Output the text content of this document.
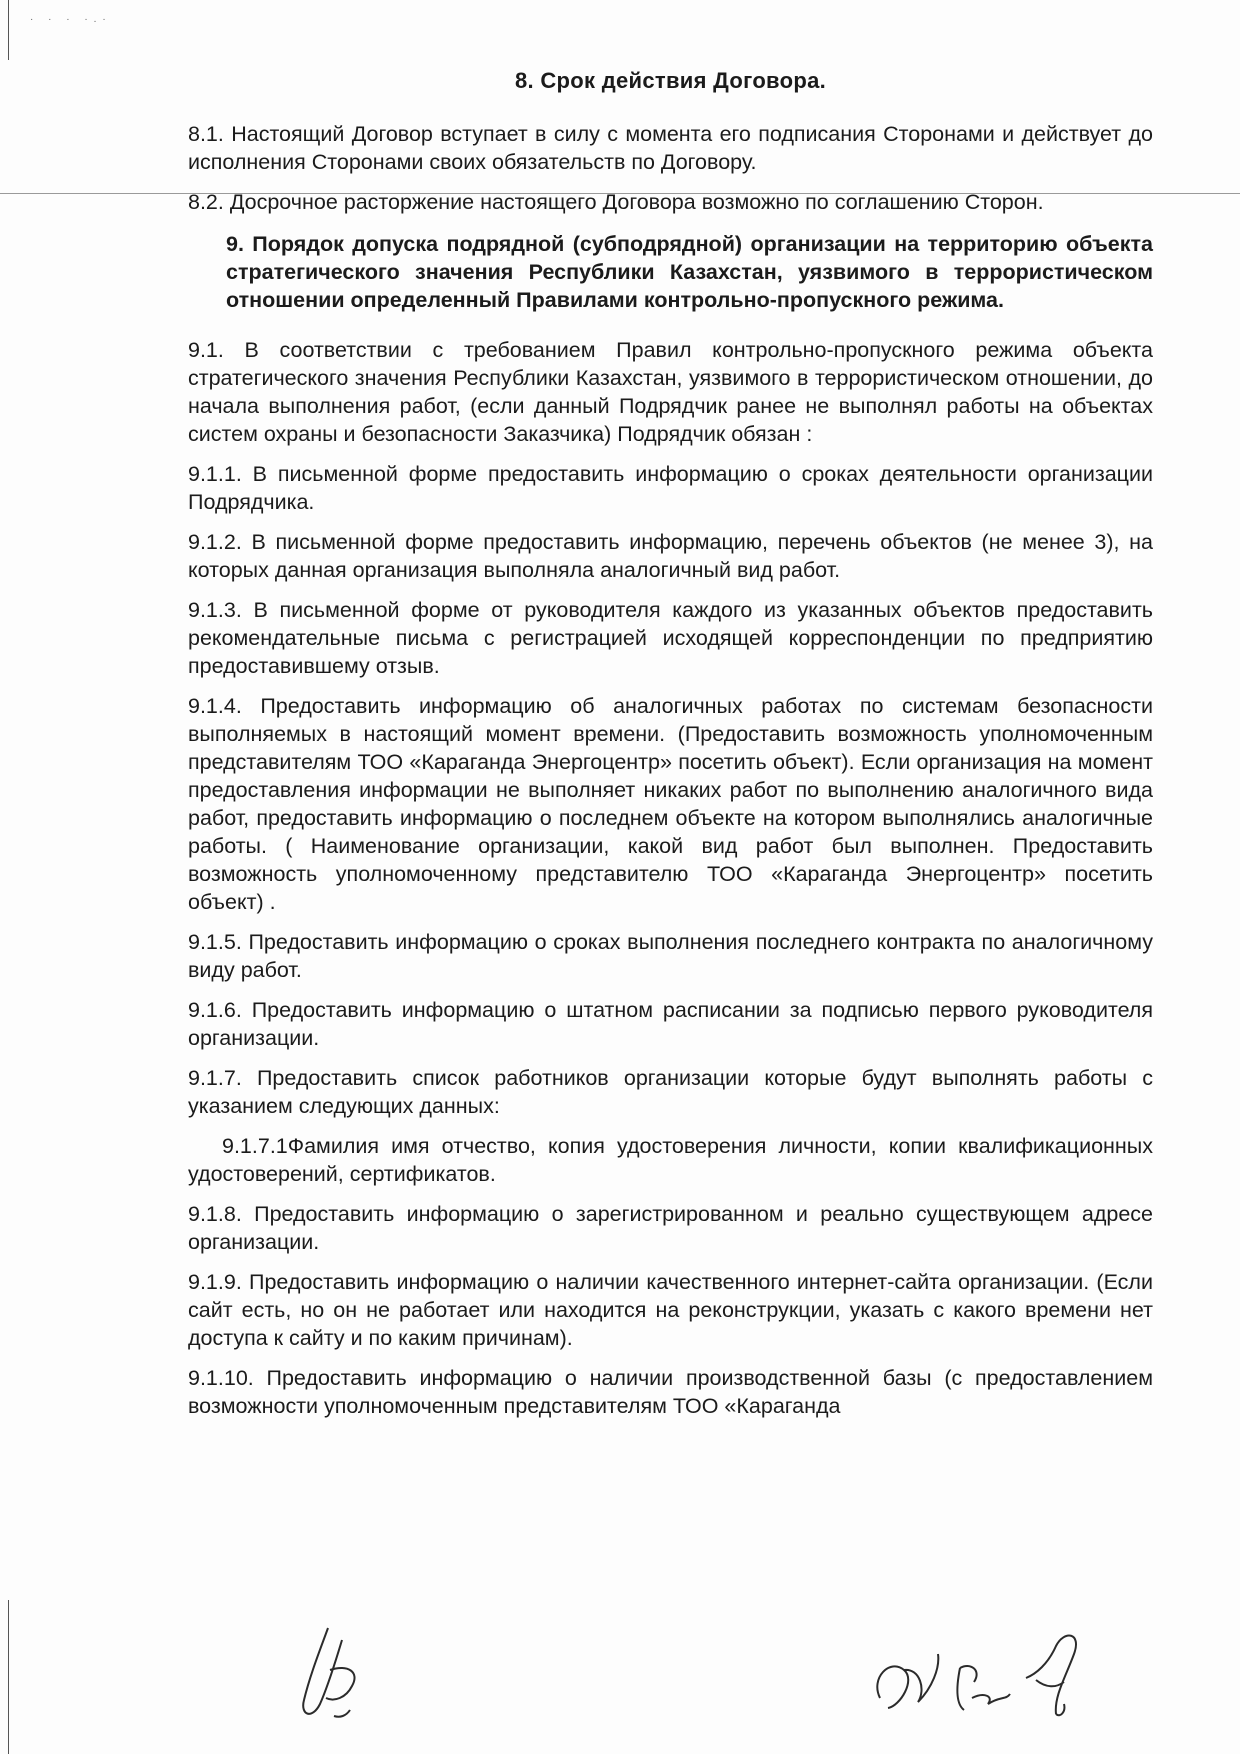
· · · ·.·
8. Срок действия Договора.

8.1. Настоящий Договор вступает в силу с момента его подписания Сторонами и действует до исполнения Сторонами своих обязательств по Договору.

8.2. Досрочное расторжение настоящего Договора возможно по соглашению Сторон.

9. Порядок допуска подрядной (субподрядной) организации на территорию объекта стратегического значения Республики Казахстан, уязвимого в террористическом отношении определенный Правилами контрольно-пропускного режима.

9.1. В соответствии с требованием Правил контрольно-пропускного режима объекта стратегического значения Республики Казахстан, уязвимого в террористическом отношении, до начала выполнения работ, (если данный Подрядчик ранее не выполнял работы на объектах систем охраны и безопасности Заказчика) Подрядчик обязан :

9.1.1. В письменной форме предоставить информацию о сроках деятельности организации Подрядчика.

9.1.2. В письменной форме предоставить информацию, перечень объектов (не менее 3), на которых данная организация выполняла аналогичный вид работ.

9.1.3. В письменной форме от руководителя каждого из указанных объектов предоставить рекомендательные письма с регистрацией исходящей корреспонденции по предприятию предоставившему отзыв.

9.1.4. Предоставить информацию об аналогичных работах по системам безопасности выполняемых в настоящий момент времени. (Предоставить возможность уполномоченным представителям ТОО «Караганда Энергоцентр» посетить объект). Если организация на момент предоставления информации не выполняет никаких работ по выполнению аналогичного вида работ, предоставить информацию о последнем объекте на котором выполнялись аналогичные работы. ( Наименование организации, какой вид работ был выполнен. Предоставить возможность уполномоченному представителю ТОО «Караганда Энергоцентр» посетить объект) .

9.1.5. Предоставить информацию о сроках выполнения последнего контракта по аналогичному виду работ.

9.1.6. Предоставить информацию о штатном расписании за подписью первого руководителя организации.

9.1.7. Предоставить список работников организации которые будут выполнять работы с указанием следующих данных:

9.1.7.1Фамилия имя отчество, копия удостоверения личности, копии квалификационных удостоверений, сертификатов.

9.1.8. Предоставить информацию о зарегистрированном и реально существующем адресе организации.

9.1.9. Предоставить информацию о наличии качественного интернет-сайта организации. (Если сайт есть, но он не работает или находится на реконструкции, указать с какого времени нет доступа к сайту и по каким причинам).

9.1.10. Предоставить информацию о наличии производственной базы (с предоставлением возможности уполномоченным представителям ТОО «Караганда
